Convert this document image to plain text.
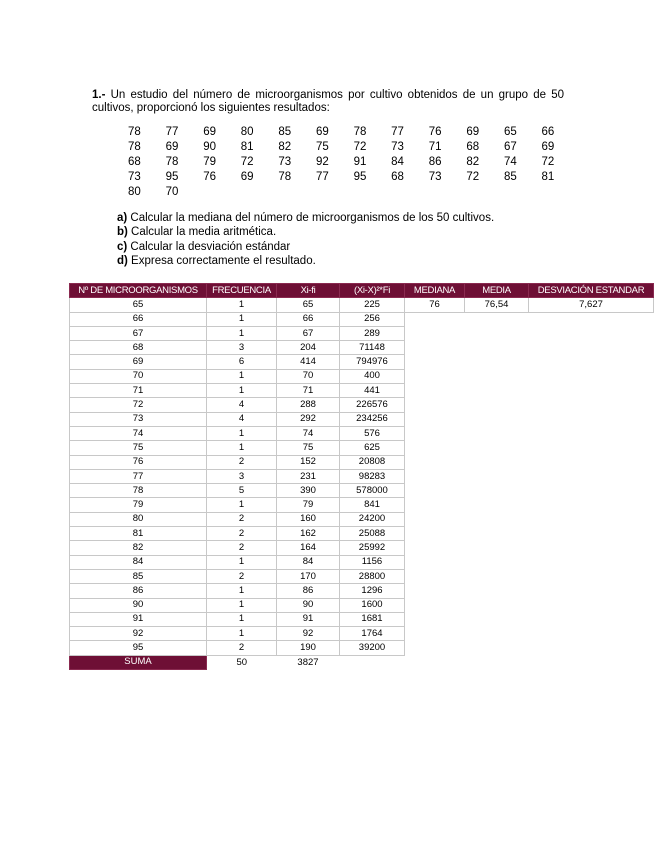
1.- Un estudio del número de microorganismos por cultivo obtenidos de un grupo de 50 cultivos, proporcionó los siguientes resultados:
78	77	69	80	85	69	78	77	76	69	65	66
78	69	90	81	82	75	72	73	71	68	67	69
68	78	79	72	73	92	91	84	86	82	74	72
73	95	76	69	78	77	95	68	73	72	85	81
80	70
a) Calcular la mediana del número de microorganismos de los 50 cultivos.
b) Calcular la media aritmética.
c) Calcular la desviación estándar
d) Expresa correctamente el resultado.
Nº DE MICROORGANISMOS	FRECUENCIA	Xi-fi	(Xi-X)²*Fi	MEDIANA	MEDIA	DESVIACIÓN ESTANDAR
65	1	65	225	76	76,54	7,627
66	1	66	256			
67	1	67	289			
68	3	204	71148			
69	6	414	794976			
70	1	70	400			
71	1	71	441			
72	4	288	226576			
73	4	292	234256			
74	1	74	576			
75	1	75	625			
76	2	152	20808			
77	3	231	98283			
78	5	390	578000			
79	1	79	841			
80	2	160	24200			
81	2	162	25088			
82	2	164	25992			
84	1	84	1156			
85	2	170	28800			
86	1	86	1296			
90	1	90	1600			
91	1	91	1681			
92	1	92	1764			
95	2	190	39200			
SUMA	50	3827				
